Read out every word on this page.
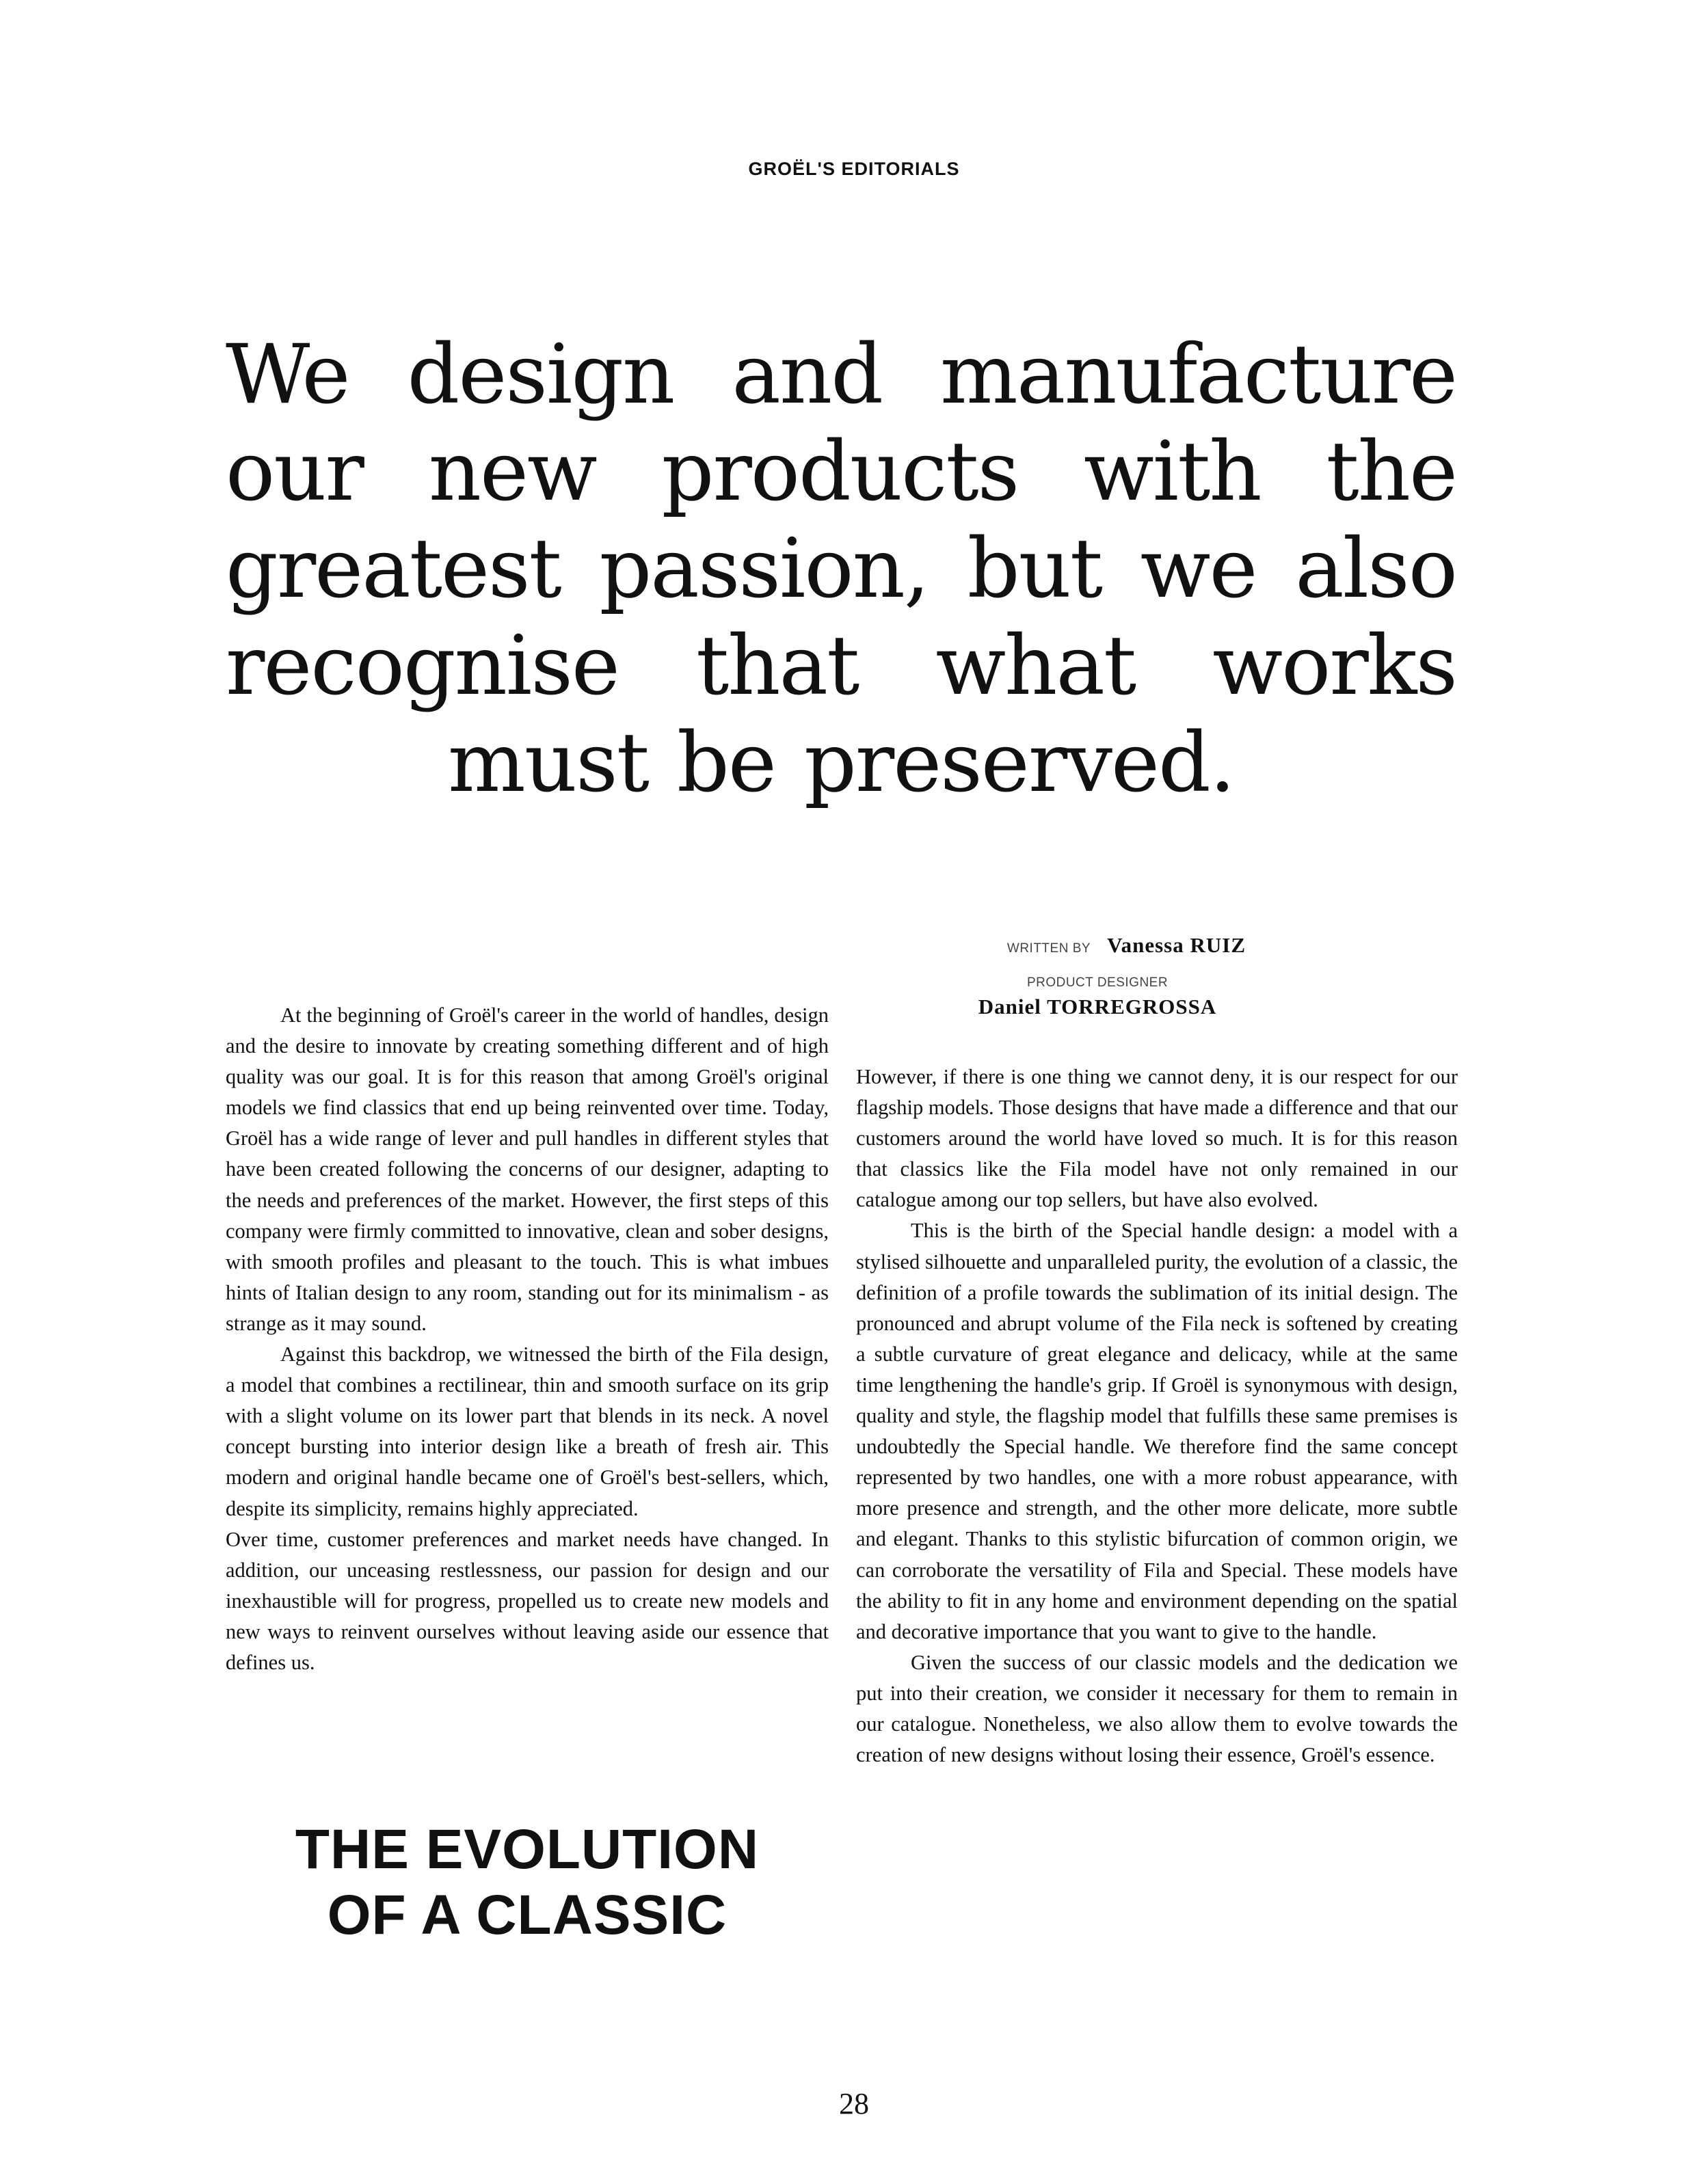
GROËL'S EDITORIALS
We design and manufacture our new products with the greatest passion, but we also recognise that what works must be preserved.
WRITTEN BY Vanessa RUIZ
PRODUCT DESIGNER
Daniel TORREGROSSA

At the beginning of Groël's career in the world of handles, design and the desire to innovate by creating something different and of high quality was our goal. It is for this reason that among Groël's original models we find classics that end up being reinvented over time. Today, Groël has a wide range of lever and pull handles in different styles that have been created following the concerns of our designer, adapting to the needs and preferences of the market. However, the first steps of this company were firmly committed to innovative, clean and sober designs, with smooth profiles and pleasant to the touch. This is what imbues hints of Italian design to any room, standing out for its minimalism - as strange as it may sound.

Against this backdrop, we witnessed the birth of the Fila design, a model that combines a rectilinear, thin and smooth surface on its grip with a slight volume on its lower part that blends in its neck. A novel concept bursting into interior design like a breath of fresh air. This modern and original handle became one of Groël's best-sellers, which, despite its simplicity, remains highly appreciated.

Over time, customer preferences and market needs have changed. In addition, our unceasing restlessness, our passion for design and our inexhaustible will for progress, propelled us to create new models and new ways to reinvent ourselves without leaving aside our essence that defines us.

THE EVOLUTION
OF A CLASSIC

However, if there is one thing we cannot deny, it is our respect for our flagship models. Those designs that have made a difference and that our customers around the world have loved so much. It is for this reason that classics like the Fila model have not only remained in our catalogue among our top sellers, but have also evolved.

This is the birth of the Special handle design: a model with a stylised silhouette and unparalleled purity, the evolution of a classic, the definition of a profile towards the sublimation of its initial design. The pronounced and abrupt volume of the Fila neck is softened by creating a subtle curvature of great elegance and delicacy, while at the same time lengthening the handle's grip. If Groël is synonymous with design, quality and style, the flagship model that fulfills these same premises is undoubtedly the Special handle. We therefore find the same concept represented by two handles, one with a more robust appearance, with more presence and strength, and the other more delicate, more subtle and elegant. Thanks to this stylistic bifurcation of common origin, we can corroborate the versatility of Fila and Special. These models have the ability to fit in any home and environment depending on the spatial and decorative importance that you want to give to the handle.

Given the success of our classic models and the dedication we put into their creation, we consider it necessary for them to remain in our catalogue. Nonetheless, we also allow them to evolve towards the creation of new designs without losing their essence, Groël's essence.

28
